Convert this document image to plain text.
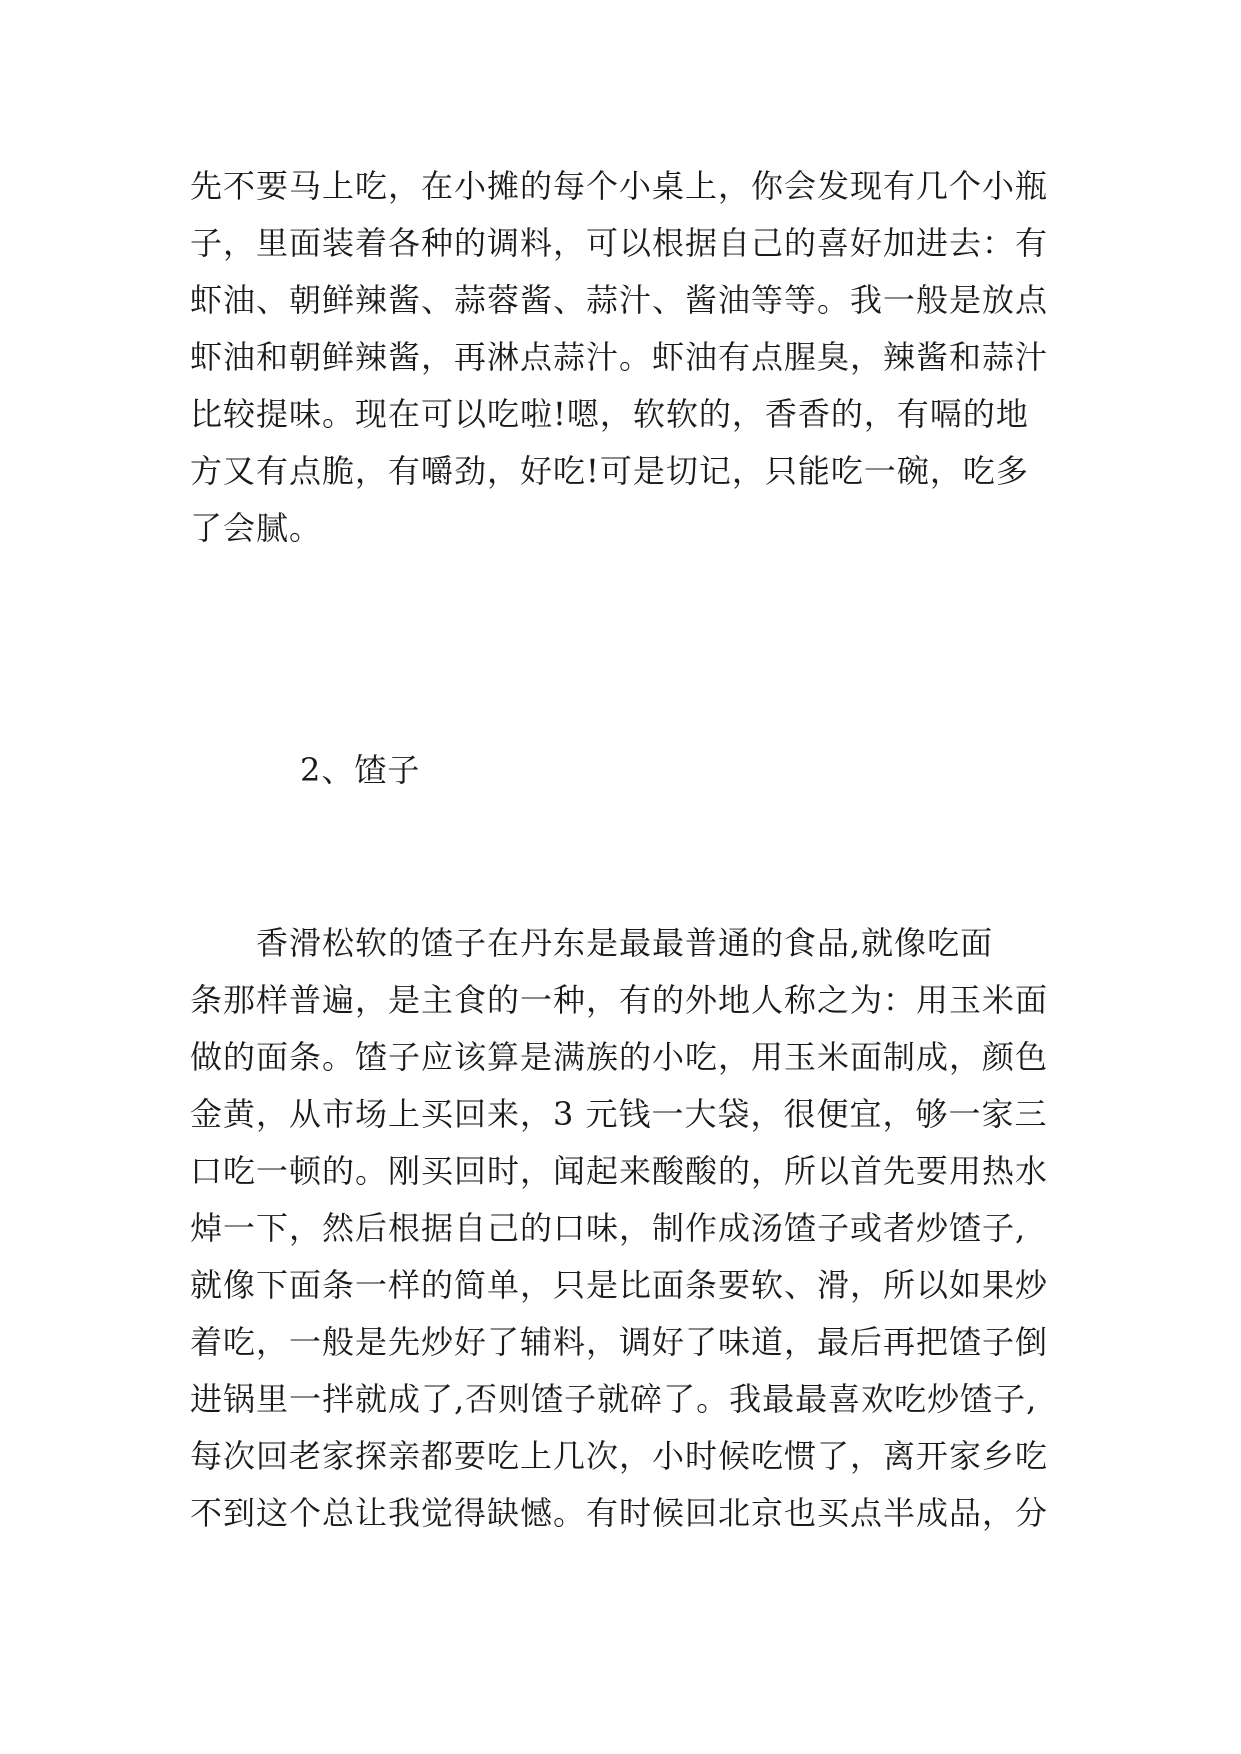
先不要马上吃，在小摊的每个小桌上，你会发现有几个小瓶
子，里面装着各种的调料，可以根据自己的喜好加进去：有
虾油、朝鲜辣酱、蒜蓉酱、蒜汁、酱油等等。我一般是放点
虾油和朝鲜辣酱，再淋点蒜汁。虾油有点腥臭，辣酱和蒜汁
比较提味。现在可以吃啦!嗯，软软的，香香的，有嗝的地
方又有点脆，有嚼劲，好吃!可是切记，只能吃一碗，吃多
了会腻。
2、馇子
　　香滑松软的馇子在丹东是最最普通的食品,就像吃面
条那样普遍，是主食的一种，有的外地人称之为：用玉米面
做的面条。馇子应该算是满族的小吃，用玉米面制成，颜色
金黄，从市场上买回来，3 元钱一大袋，很便宜，够一家三
口吃一顿的。刚买回时，闻起来酸酸的，所以首先要用热水
焯一下，然后根据自己的口味，制作成汤馇子或者炒馇子,
就像下面条一样的简单，只是比面条要软、滑，所以如果炒
着吃，一般是先炒好了辅料，调好了味道，最后再把馇子倒
进锅里一拌就成了,否则馇子就碎了。我最最喜欢吃炒馇子,
每次回老家探亲都要吃上几次，小时候吃惯了，离开家乡吃
不到这个总让我觉得缺憾。有时候回北京也买点半成品，分
